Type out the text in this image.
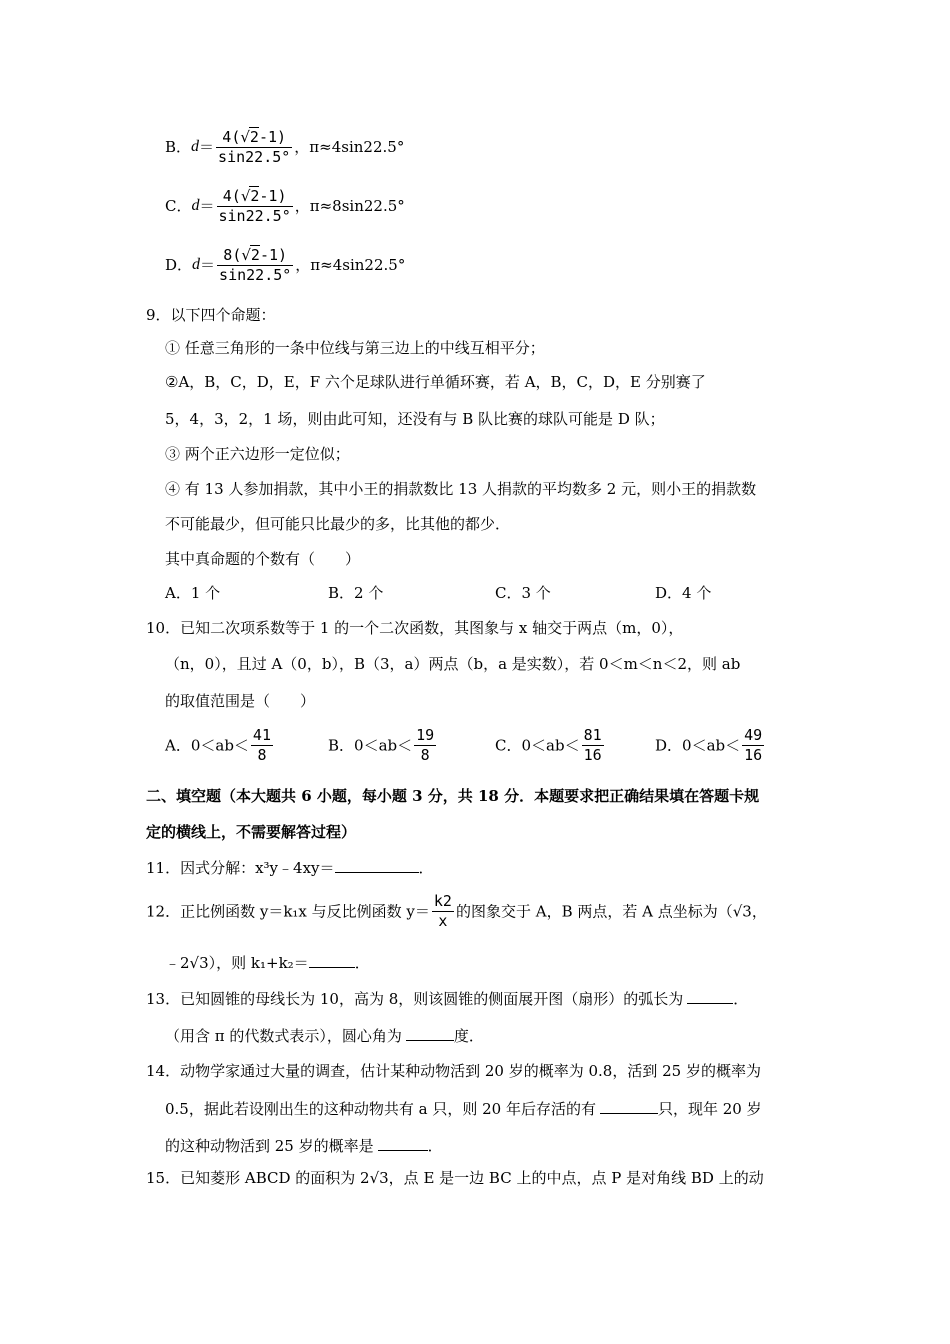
B．$d= \frac{4(√2-1)}{\sin 22.5^\circ}$ ，π≈4sin22.5°
C．$d= \frac{4(√2-1)}{\sin 22.5^\circ}$ ，π≈8sin22.5°
D．$d= \frac{8(√2-1)}{\sin 22.5^\circ}$ ，π≈4sin22.5°
9．以下四个命题：
① 任意三角形的一条中位线与第三边上的中线互相平分；
②A，B，C，D，E，F 六个足球队进行单循环赛，若 A，B，C，D，E 分别赛了
5，4，3，2，1 场，则由此可知，还没有与 B 队比赛的球队可能是 D 队；
③ 两个正六边形一定位似；
④ 有 13 人参加捐款，其中小王的捐款数比 13 人捐款的平均数多 2 元，则小王的捐款数
不可能最少，但可能只比最少的多，比其他的都少．
其中真命题的个数有（　　）
A．1 个	B．2 个	C．3 个	D．4 个
10．已知二次项系数等于 1 的一个二次函数，其图象与 x 轴交于两点（m，0），
（n，0），且过 A（0，b），B（3，a）两点（b，a 是实数），若 0＜m＜n＜2，则 ab
的取值范围是（　　）
A．$0<ab< \frac{41}{8}$	B．$0<ab< \frac{19}{8}$	C．$0<ab< \frac{81}{16}$	D．$0<ab< \frac{49}{16}$
二、填空题（本大题共 6 小题，每小题 3 分，共 18 分．本题要求把正确结果填在答题卡规
定的横线上，不需要解答过程）
11．因式分解：x³y﹣4xy＝	．
12．正比例函数 y＝k₁x 与反比例函数 $y= \frac{k2}{x}$ 的图象交于 A，B 两点，若 A 点坐标为（√3，
﹣2√3），则 k₁+k₂＝	．
13．已知圆锥的母线长为 10，高为 8，则该圆锥的侧面展开图（扇形）的弧长为	．
（用含 π 的代数式表示），圆心角为	度．
14．动物学家通过大量的调查，估计某种动物活到 20 岁的概率为 0.8，活到 25 岁的概率为
0.5，据此若设刚出生的这种动物共有 a 只，则 20 年后存活的有	只，现年 20 岁
的这种动物活到 25 岁的概率是	．
15．已知菱形 ABCD 的面积为 2√3，点 E 是一边 BC 上的中点，点 P 是对角线 BD 上的动
